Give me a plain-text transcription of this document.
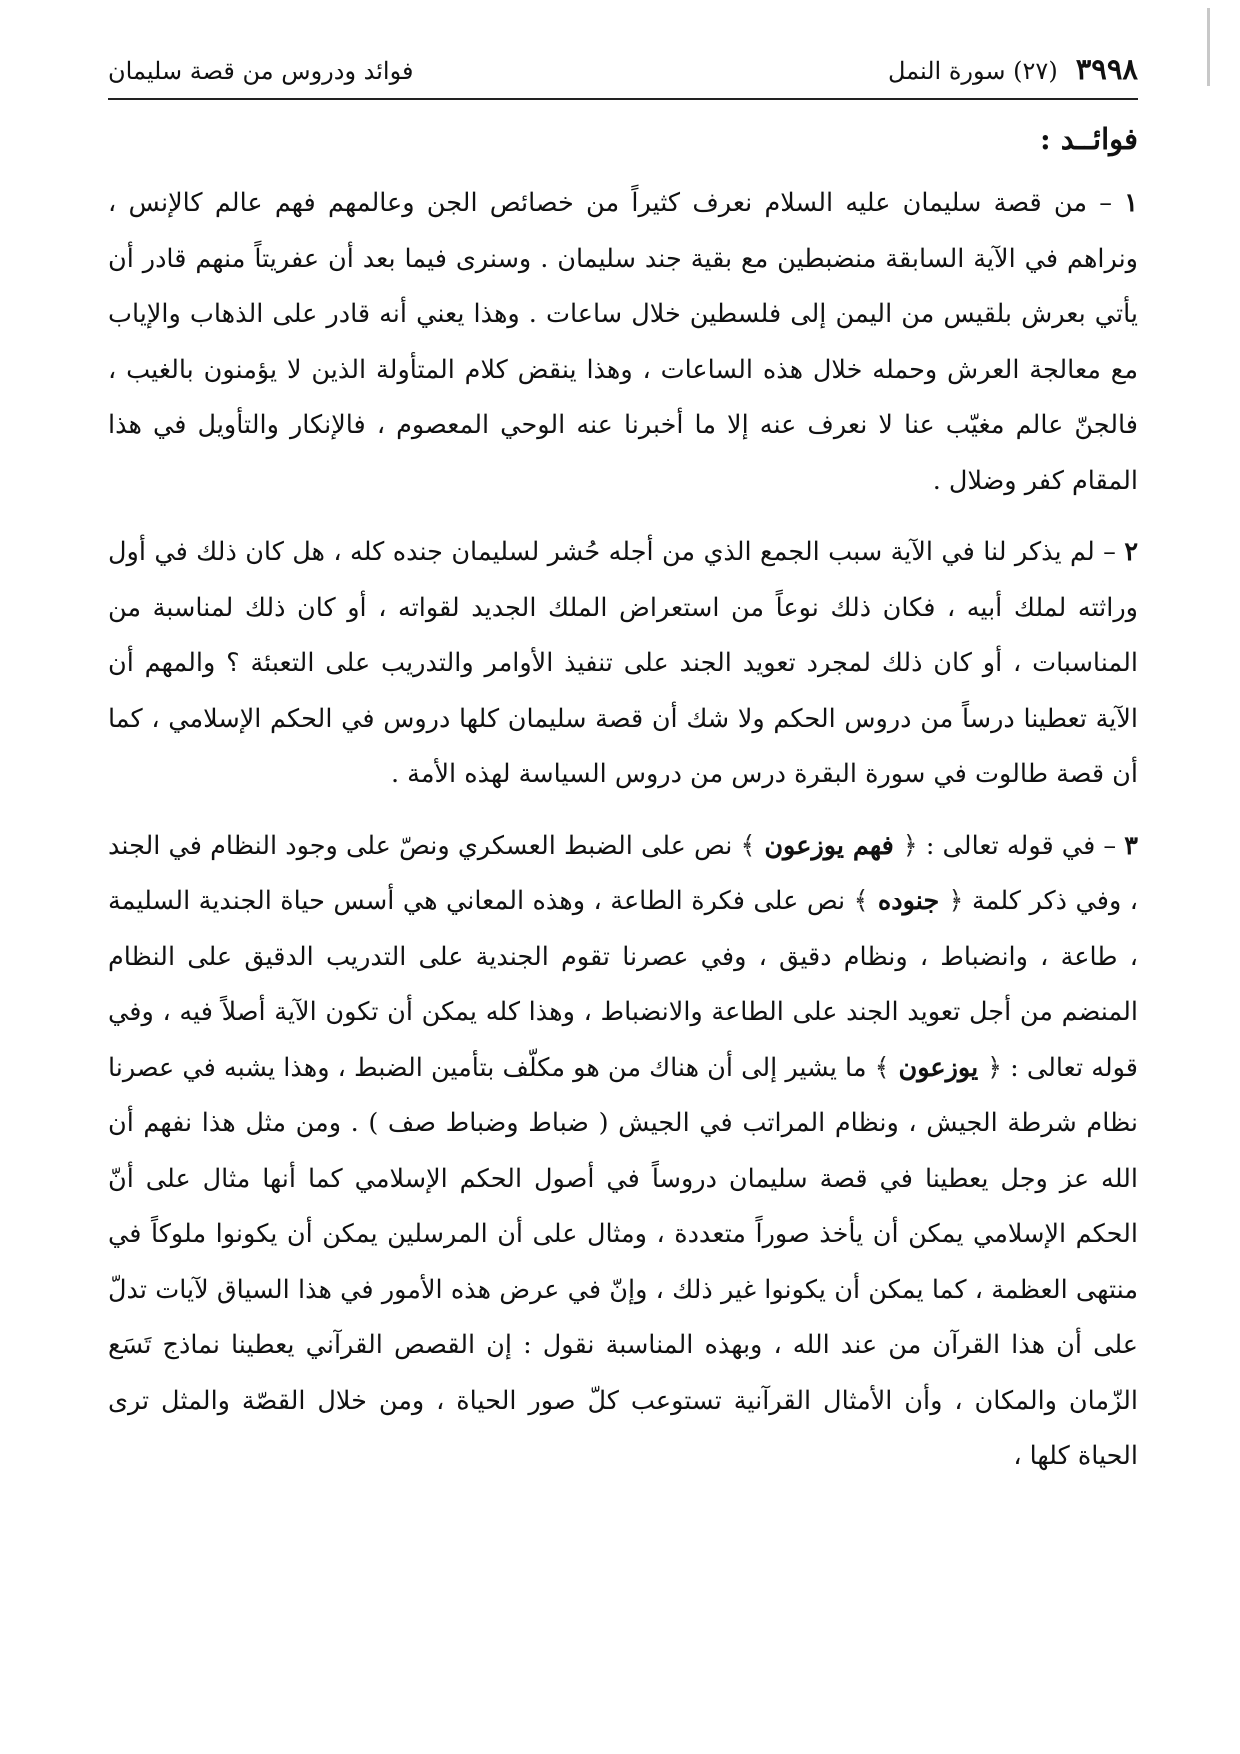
٣٩٩٨
(٢٧) سورة النمل
فوائد ودروس من قصة سليمان
فوائــد :

١ – من قصة سليمان عليه السلام نعرف كثيراً من خصائص الجن وعالمهم فهم عالم كالإنس ، ونراهم في الآية السابقة منضبطين مع بقية جند سليمان . وسنرى فيما بعد أن عفريتاً منهم قادر أن يأتي بعرش بلقيس من اليمن إلى فلسطين خلال ساعات . وهذا يعني أنه قادر على الذهاب والإياب مع معالجة العرش وحمله خلال هذه الساعات ، وهذا ينقض كلام المتأولة الذين لا يؤمنون بالغيب ، فالجنّ عالم مغيّب عنا لا نعرف عنه إلا ما أخبرنا عنه الوحي المعصوم ، فالإنكار والتأويل في هذا المقام كفر وضلال .

٢ – لم يذكر لنا في الآية سبب الجمع الذي من أجله حُشر لسليمان جنده كله ، هل كان ذلك في أول وراثته لملك أبيه ، فكان ذلك نوعاً من استعراض الملك الجديد لقواته ، أو كان ذلك لمناسبة من المناسبات ، أو كان ذلك لمجرد تعويد الجند على تنفيذ الأوامر والتدريب على التعبئة ؟ والمهم أن الآية تعطينا درساً من دروس الحكم ولا شك أن قصة سليمان كلها دروس في الحكم الإسلامي ، كما أن قصة طالوت في سورة البقرة درس من دروس السياسة لهذه الأمة .

٣ – في قوله تعالى : ﴿ فهم يوزعون ﴾ نص على الضبط العسكري ونصّ على وجود النظام في الجند ، وفي ذكر كلمة ﴿ جنوده ﴾ نص على فكرة الطاعة ، وهذه المعاني هي أسس حياة الجندية السليمة ، طاعة ، وانضباط ، ونظام دقيق ، وفي عصرنا تقوم الجندية على التدريب الدقيق على النظام المنضم من أجل تعويد الجند على الطاعة والانضباط ، وهذا كله يمكن أن تكون الآية أصلاً فيه ، وفي قوله تعالى : ﴿ يوزعون ﴾ ما يشير إلى أن هناك من هو مكلّف بتأمين الضبط ، وهذا يشبه في عصرنا نظام شرطة الجيش ، ونظام المراتب في الجيش ( ضباط وضباط صف ) . ومن مثل هذا نفهم أن الله عز وجل يعطينا في قصة سليمان دروساً في أصول الحكم الإسلامي كما أنها مثال على أنّ الحكم الإسلامي يمكن أن يأخذ صوراً متعددة ، ومثال على أن المرسلين يمكن أن يكونوا ملوكاً في منتهى العظمة ، كما يمكن أن يكونوا غير ذلك ، وإنّ في عرض هذه الأمور في هذا السياق لآيات تدلّ على أن هذا القرآن من عند الله ، وبهذه المناسبة نقول : إن القصص القرآني يعطينا نماذج تَسَع الزّمان والمكان ، وأن الأمثال القرآنية تستوعب كلّ صور الحياة ، ومن خلال القصّة والمثل ترى الحياة كلها ،
